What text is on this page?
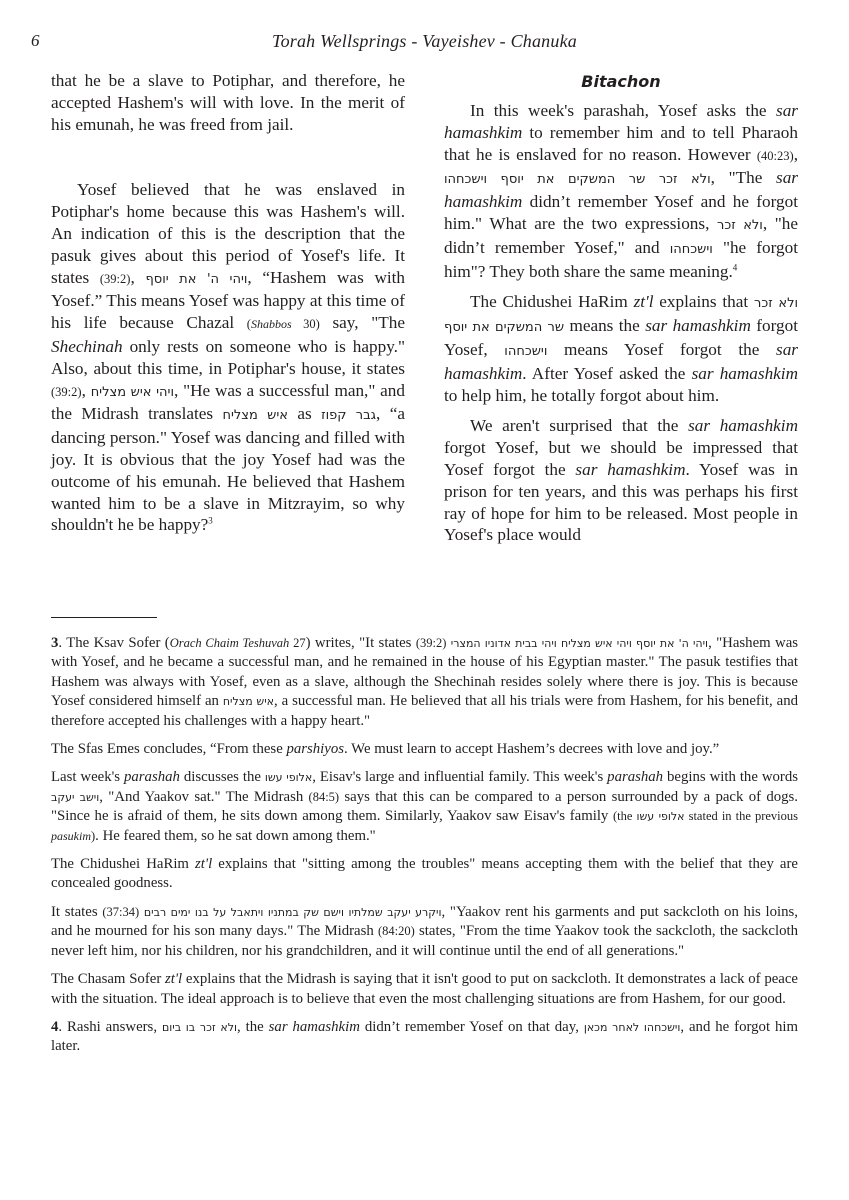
6	Torah Wellsprings - Vayeishev - Chanuka

that he be a slave to Potiphar, and therefore, he accepted Hashem's will with love. In the merit of his emunah, he was freed from jail.

Yosef believed that he was enslaved in Potiphar's home because this was Hashem's will. An indication of this is the description that the pasuk gives about this period of Yosef's life. It states (39:2), ויהי ה' את יוסף, “Hashem was with Yosef.” This means Yosef was happy at this time of his life because Chazal (Shabbos 30) say, "The Shechinah only rests on someone who is happy." Also, about this time, in Potiphar's house, it states (39:2), ויהי איש מצליח, "He was a successful man," and the Midrash translates איש מצליח as גבר קפוז, “a dancing person." Yosef was dancing and filled with joy. It is obvious that the joy Yosef had was the outcome of his emunah. He believed that Hashem wanted him to be a slave in Mitzrayim, so why shouldn't he be happy?$^3$

Bitachon

In this week's parashah, Yosef asks the sar hamashkim to remember him and to tell Pharaoh that he is enslaved for no reason. However (40:23), ולא זכר שר המשקים את יוסף וישכחהו, "The sar hamashkim didn’t remember Yosef and he forgot him." What are the two expressions, ולא זכר, "he didn’t remember Yosef," and וישכחהו "he forgot him"? They both share the same meaning.$^4$

The Chidushei HaRim zt'l explains that ולא זכר שר המשקים את יוסף means the sar hamashkim forgot Yosef, וישכחהו means Yosef forgot the sar hamashkim. After Yosef asked the sar hamashkim to help him, he totally forgot about him.

We aren't surprised that the sar hamashkim forgot Yosef, but we should be impressed that Yosef forgot the sar hamashkim. Yosef was in prison for ten years, and this was perhaps his first ray of hope for him to be released. Most people in Yosef's place would

3. The Ksav Sofer (Orach Chaim Teshuvah 27) writes, "It states (39:2) ויהי ה' את יוסף ויהי איש מצליח ויהי בבית אדוניו המצרי, "Hashem was with Yosef, and he became a successful man, and he remained in the house of his Egyptian master." The pasuk testifies that Hashem was always with Yosef, even as a slave, although the Shechinah resides solely where there is joy. This is because Yosef considered himself an איש מצליח, a successful man. He believed that all his trials were from Hashem, for his benefit, and therefore accepted his challenges with a happy heart."

The Sfas Emes concludes, “From these parshiyos. We must learn to accept Hashem’s decrees with love and joy.”

Last week's parashah discusses the אלופי עשו, Eisav's large and influential family. This week's parashah begins with the words וישב יעקב, "And Yaakov sat." The Midrash (84:5) says that this can be compared to a person surrounded by a pack of dogs. "Since he is afraid of them, he sits down among them. Similarly, Yaakov saw Eisav's family (the אלופי עשו stated in the previous pasukim). He feared them, so he sat down among them."

The Chidushei HaRim zt'l explains that "sitting among the troubles" means accepting them with the belief that they are concealed goodness.

It states (37:34) ויקרע יעקב שמלתיו וישם שק במתניו ויתאבל על בנו ימים רבים, "Yaakov rent his garments and put sackcloth on his loins, and he mourned for his son many days." The Midrash (84:20) states, "From the time Yaakov took the sackcloth, the sackcloth never left him, nor his children, nor his grandchildren, and it will continue until the end of all generations."

The Chasam Sofer zt'l explains that the Midrash is saying that it isn't good to put on sackcloth. It demonstrates a lack of peace with the situation. The ideal approach is to believe that even the most challenging situations are from Hashem, for our good.

4. Rashi answers, ולא זכר בו ביום, the sar hamashkim didn’t remember Yosef on that day, וישכחהו לאחר מכאן, and he forgot him later.
